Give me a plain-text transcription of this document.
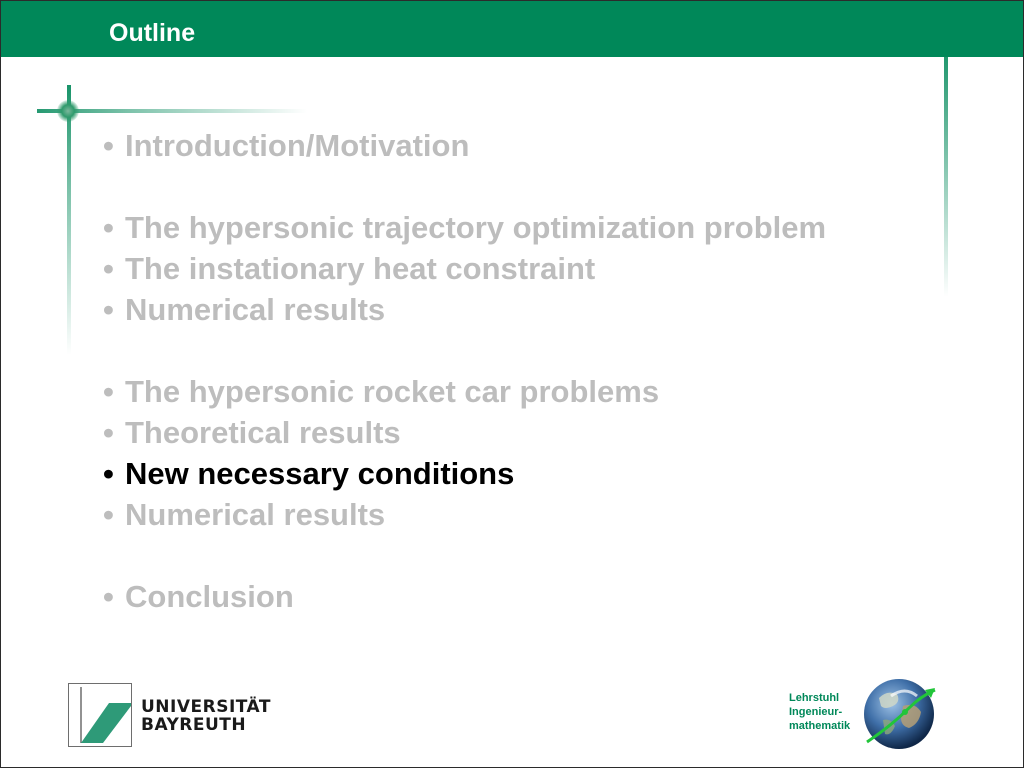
Outline
• Introduction/Motivation
• The hypersonic trajectory optimization problem
• The instationary heat constraint
• Numerical results
• The hypersonic rocket car problems
• Theoretical results
• New necessary conditions
• Numerical results
• Conclusion
UNIVERSITÄT
BAYREUTH
Lehrstuhl
Ingenieur-
mathematik
